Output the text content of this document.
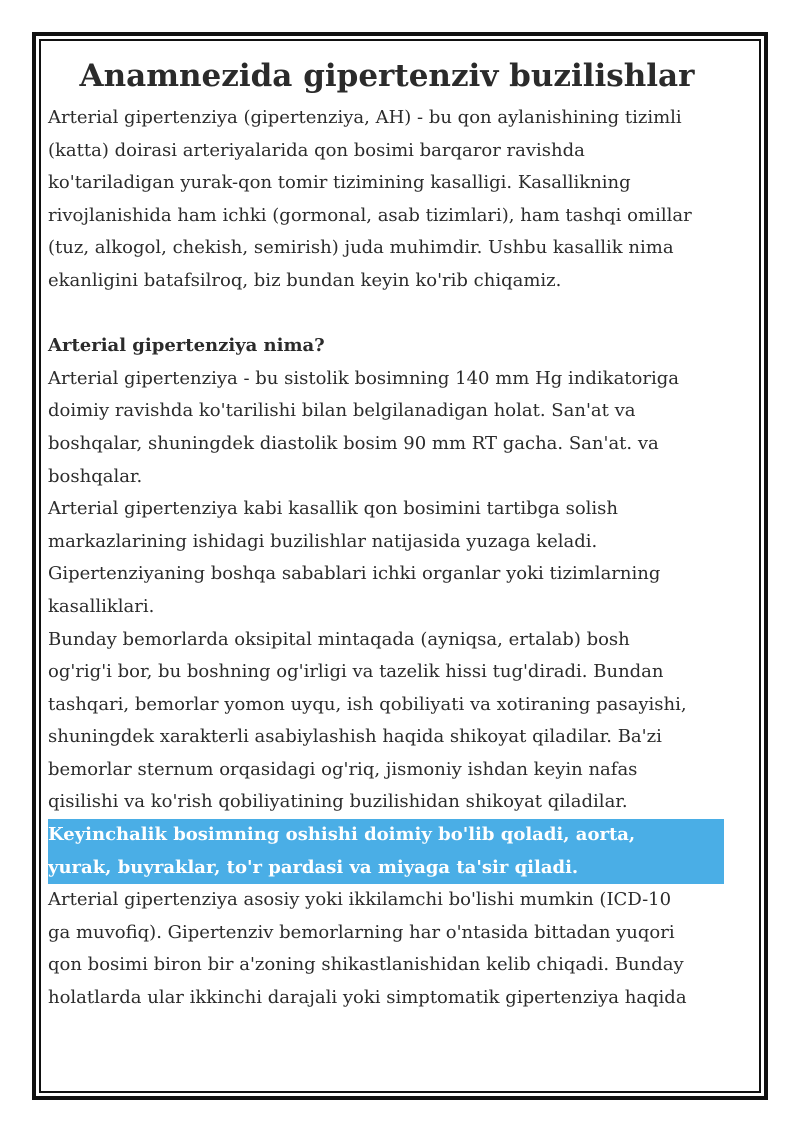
Anamnezida gipertenziv buzilishlar
Arterial gipertenziya (gipertenziya, AH) - bu qon aylanishining tizimli
(katta) doirasi arteriyalarida qon bosimi barqaror ravishda
ko'tariladigan yurak-qon tomir tizimining kasalligi. Kasallikning
rivojlanishida ham ichki (gormonal, asab tizimlari), ham tashqi omillar
(tuz, alkogol, chekish, semirish) juda muhimdir. Ushbu kasallik nima
ekanligini batafsilroq, biz bundan keyin ko'rib chiqamiz.
Arterial gipertenziya nima?
Arterial gipertenziya - bu sistolik bosimning 140 mm Hg indikatoriga
doimiy ravishda ko'tarilishi bilan belgilanadigan holat. San'at va
boshqalar, shuningdek diastolik bosim 90 mm RT gacha. San'at. va
boshqalar.
Arterial gipertenziya kabi kasallik qon bosimini tartibga solish
markazlarining ishidagi buzilishlar natijasida yuzaga keladi.
Gipertenziyaning boshqa sabablari ichki organlar yoki tizimlarning
kasalliklari.
Bunday bemorlarda oksipital mintaqada (ayniqsa, ertalab) bosh
og'rig'i bor, bu boshning og'irligi va tazelik hissi tug'diradi. Bundan
tashqari, bemorlar yomon uyqu, ish qobiliyati va xotiraning pasayishi,
shuningdek xarakterli asabiylashish haqida shikoyat qiladilar. Ba'zi
bemorlar sternum orqasidagi og'riq, jismoniy ishdan keyin nafas
qisilishi va ko'rish qobiliyatining buzilishidan shikoyat qiladilar.
Keyinchalik bosimning oshishi doimiy bo'lib qoladi, aorta,
yurak, buyraklar, to'r pardasi va miyaga ta'sir qiladi.
Arterial gipertenziya asosiy yoki ikkilamchi bo'lishi mumkin (ICD-10
ga muvofiq). Gipertenziv bemorlarning har o'ntasida bittadan yuqori
qon bosimi biron bir a'zoning shikastlanishidan kelib chiqadi. Bunday
holatlarda ular ikkinchi darajali yoki simptomatik gipertenziya haqida
